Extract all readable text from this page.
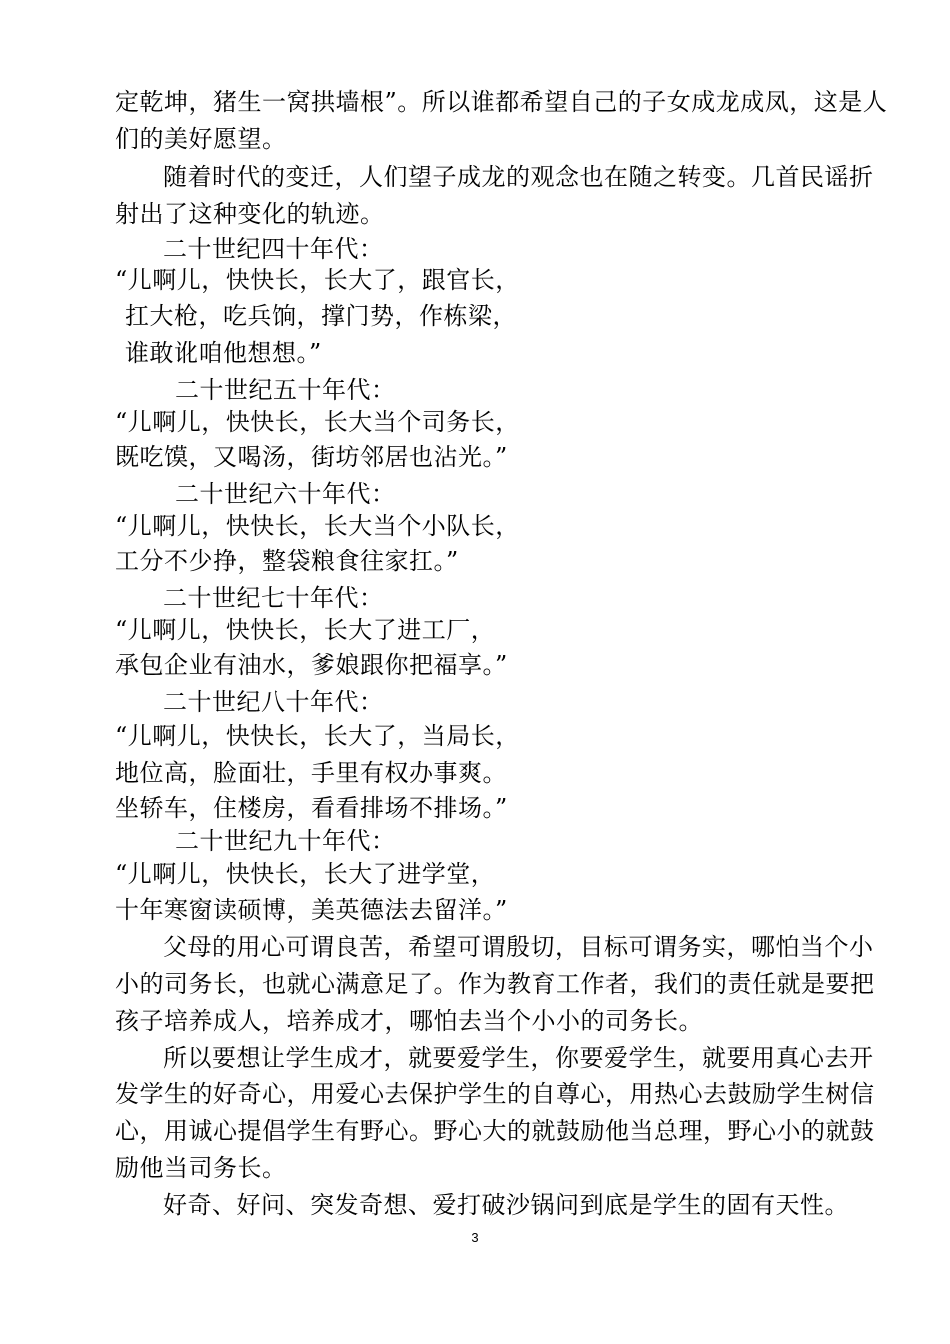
定乾坤，猪生一窝拱墙根”。所以谁都希望自己的子女成龙成凤，这是人
们的美好愿望。
随着时代的变迁，人们望子成龙的观念也在随之转变。几首民谣折
射出了这种变化的轨迹。
二十世纪四十年代：
“儿啊儿，快快长，长大了，跟官长，
扛大枪，吃兵饷，撑门势，作栋梁，
谁敢讹咱他想想。”
二十世纪五十年代：
“儿啊儿，快快长，长大当个司务长，
既吃馍，又喝汤，街坊邻居也沾光。”
二十世纪六十年代：
“儿啊儿，快快长，长大当个小队长，
工分不少挣，整袋粮食往家扛。”
二十世纪七十年代：
“儿啊儿，快快长，长大了进工厂，
承包企业有油水，爹娘跟你把福享。”
二十世纪八十年代：
“儿啊儿，快快长，长大了，当局长，
地位高，脸面壮，手里有权办事爽。
坐轿车，住楼房，看看排场不排场。”
二十世纪九十年代：
“儿啊儿，快快长，长大了进学堂，
十年寒窗读硕博，美英德法去留洋。”
父母的用心可谓良苦，希望可谓殷切，目标可谓务实，哪怕当个小
小的司务长，也就心满意足了。作为教育工作者，我们的责任就是要把
孩子培养成人，培养成才，哪怕去当个小小的司务长。
所以要想让学生成才，就要爱学生，你要爱学生，就要用真心去开
发学生的好奇心，用爱心去保护学生的自尊心，用热心去鼓励学生树信
心，用诚心提倡学生有野心。野心大的就鼓励他当总理，野心小的就鼓
励他当司务长。
好奇、好问、突发奇想、爱打破沙锅问到底是学生的固有天性。
3
